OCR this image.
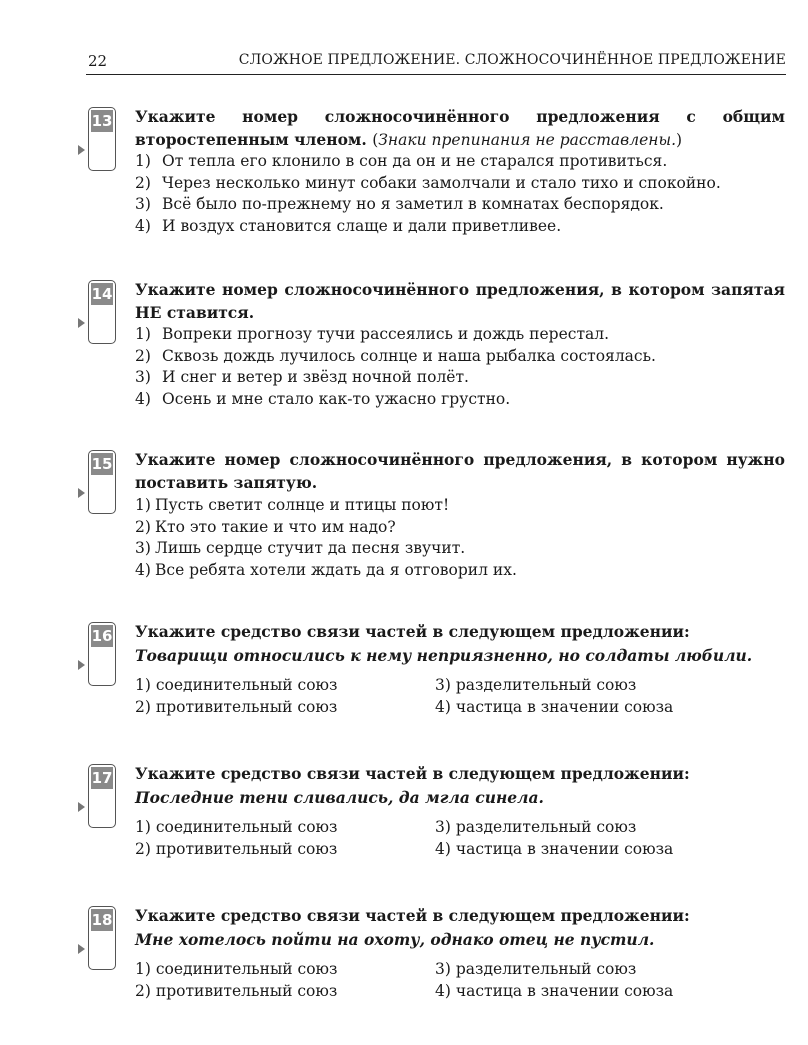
22	СЛОЖНОЕ ПРЕДЛОЖЕНИЕ. СЛОЖНОСОЧИНЁННОЕ ПРЕДЛОЖЕНИЕ
13 Укажите номер сложносочинённого предложения с общим второстепенным членом. (Знаки препинания не расставлены.)
1) От тепла его клонило в сон да он и не старался противиться.
2) Через несколько минут собаки замолчали и стало тихо и спокойно.
3) Всё было по-прежнему но я заметил в комнатах беспорядок.
4) И воздух становится слаще и дали приветливее.
14 Укажите номер сложносочинённого предложения, в котором запятая НЕ ставится.
1) Вопреки прогнозу тучи рассеялись и дождь перестал.
2) Сквозь дождь лучилось солнце и наша рыбалка состоялась.
3) И снег и ветер и звёзд ночной полёт.
4) Осень и мне стало как-то ужасно грустно.
15 Укажите номер сложносочинённого предложения, в котором нужно поставить запятую.
1) Пусть светит солнце и птицы поют!
2) Кто это такие и что им надо?
3) Лишь сердце стучит да песня звучит.
4) Все ребята хотели ждать да я отговорил их.
16 Укажите средство связи частей в следующем предложении:
Товарищи относились к нему неприязненно, но солдаты любили.
1) соединительный союз
2) противительный союз
3) разделительный союз
4) частица в значении союза
17 Укажите средство связи частей в следующем предложении:
Последние тени сливались, да мгла синела.
1) соединительный союз
2) противительный союз
3) разделительный союз
4) частица в значении союза
18 Укажите средство связи частей в следующем предложении:
Мне хотелось пойти на охоту, однако отец не пустил.
1) соединительный союз
2) противительный союз
3) разделительный союз
4) частица в значении союза
